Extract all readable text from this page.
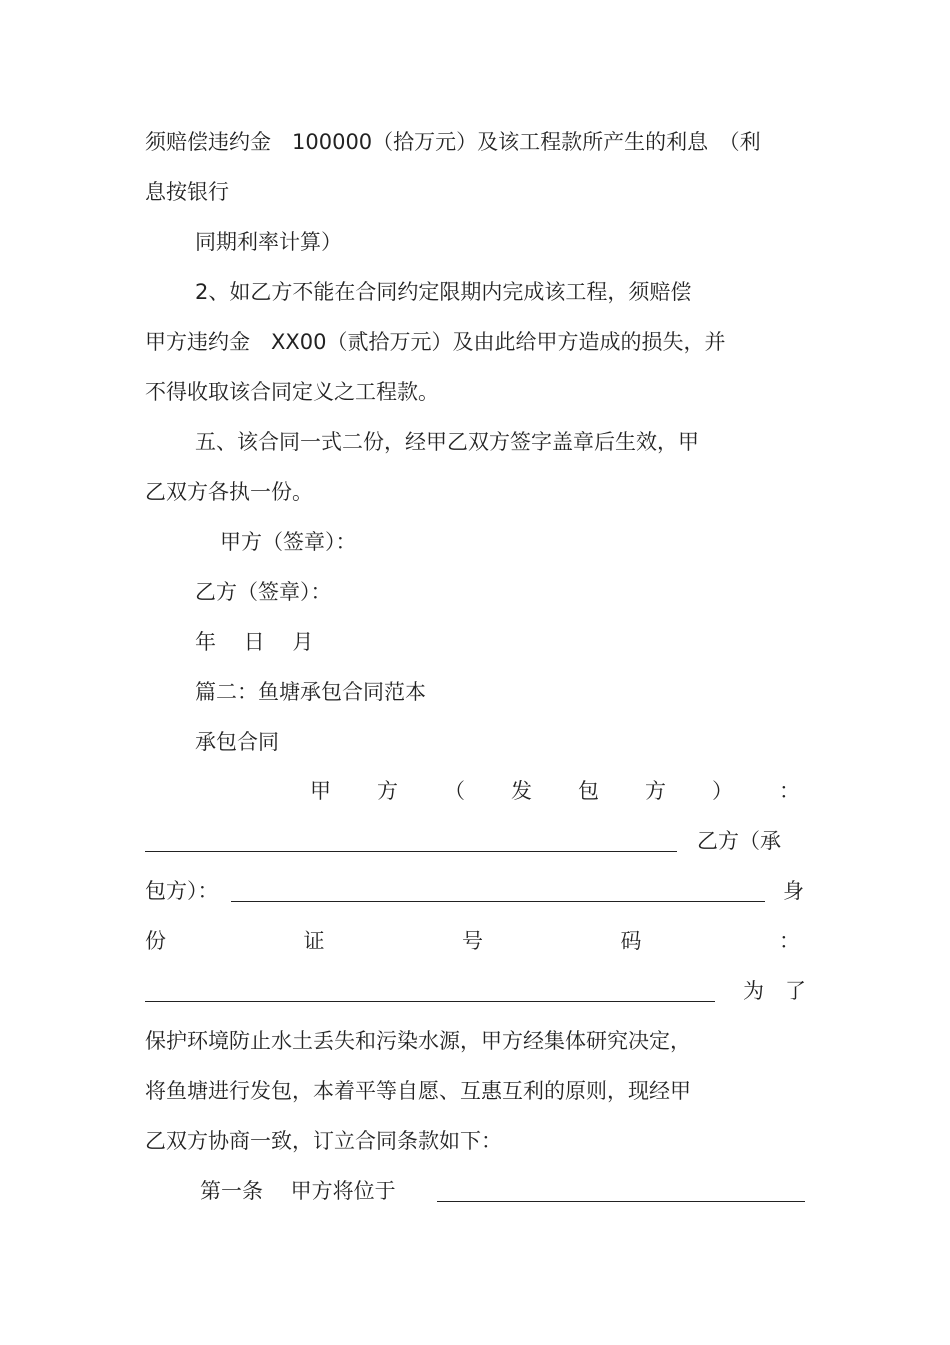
须赔偿违约金　100000（拾万元）及该工程款所产生的利息　（利
息按银行
同期利率计算）
2、如乙方不能在合同约定限期内完成该工程，须赔偿
甲方违约金　XX00（贰拾万元）及由此给甲方造成的损失，并
不得收取该合同定义之工程款。
五、该合同一式二份，经甲乙双方签字盖章后生效，甲
乙双方各执一份。
甲方（签章）：
乙方（签章）：
年　 日　 月
篇二：鱼塘承包合同范本
承包合同
甲 方 （ 发 包 方 ） ：
乙方（承
包方）：	身
份	证	号	码	：
为　了
保护环境防止水土丢失和污染水源，甲方经集体研究决定，
将鱼塘进行发包，本着平等自愿、互惠互利的原则，现经甲
乙双方协商一致，订立合同条款如下：
第一条　 甲方将位于
